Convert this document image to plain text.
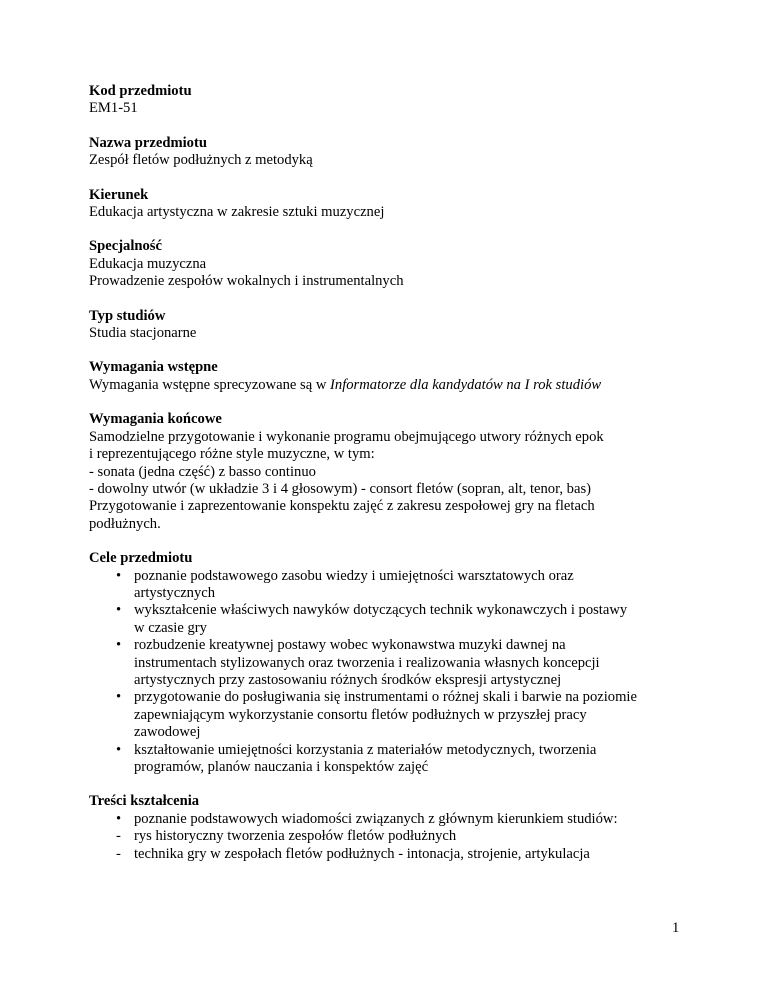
Kod przedmiotu
EM1-51
Nazwa przedmiotu
Zespół fletów podłużnych z metodyką
Kierunek
Edukacja artystyczna w zakresie sztuki muzycznej
Specjalność
Edukacja muzyczna
Prowadzenie zespołów wokalnych i instrumentalnych
Typ studiów
Studia stacjonarne
Wymagania wstępne
Wymagania wstępne sprecyzowane są w Informatorze dla kandydatów na I rok studiów
Wymagania końcowe
Samodzielne przygotowanie i wykonanie programu obejmującego utwory różnych epok
i reprezentującego różne style muzyczne, w tym:
- sonata (jedna część) z basso continuo
- dowolny utwór (w układzie 3 i 4 głosowym) - consort fletów (sopran, alt, tenor, bas)
Przygotowanie i zaprezentowanie konspektu zajęć z zakresu zespołowej gry na fletach
podłużnych.
Cele przedmiotu
• poznanie podstawowego zasobu wiedzy i umiejętności warsztatowych oraz
artystycznych
• wykształcenie właściwych nawyków dotyczących technik wykonawczych i postawy
w czasie gry
• rozbudzenie kreatywnej postawy wobec wykonawstwa muzyki dawnej na
instrumentach stylizowanych oraz tworzenia i realizowania własnych koncepcji
artystycznych przy zastosowaniu różnych środków ekspresji artystycznej
• przygotowanie do posługiwania się instrumentami o różnej skali i barwie na poziomie
zapewniającym wykorzystanie consortu fletów podłużnych w przyszłej pracy
zawodowej
• kształtowanie umiejętności korzystania z materiałów metodycznych, tworzenia
programów, planów nauczania i konspektów zajęć
Treści kształcenia
• poznanie podstawowych wiadomości związanych z głównym kierunkiem studiów:
- rys historyczny tworzenia zespołów fletów podłużnych
- technika gry w zespołach fletów podłużnych - intonacja, strojenie, artykulacja
1
